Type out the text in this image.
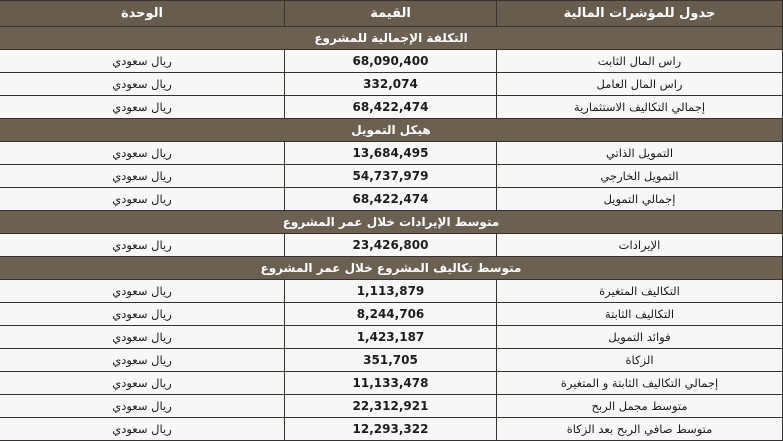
جدول للمؤشرات المالية	القيمة	الوحدة
التكلفة الإجمالية للمشروع		
راس المال الثابت	68,090,400	ريال سعودي
راس المال العامل	332,074	ريال سعودي
إجمالي التكاليف الاستثمارية	68,422,474	ريال سعودي
هيكل التمويل		
التمويل الذاتي	13,684,495	ريال سعودي
التمويل الخارجي	54,737,979	ريال سعودي
إجمالي التمويل	68,422,474	ريال سعودي
متوسط الإيرادات خلال عمر المشروع		
الإيرادات	23,426,800	ريال سعودي
متوسط تكاليف المشروع خلال عمر المشروع		
التكاليف المتغيرة	1,113,879	ريال سعودي
التكاليف الثابتة	8,244,706	ريال سعودي
فوائد التمويل	1,423,187	ريال سعودي
الزكاة	351,705	ريال سعودي
إجمالي التكاليف الثابتة و المتغيرة	11,133,478	ريال سعودي
متوسط مجمل الربح	22,312,921	ريال سعودي
متوسط صافي الربح بعد الزكاة	12,293,322	ريال سعودي
